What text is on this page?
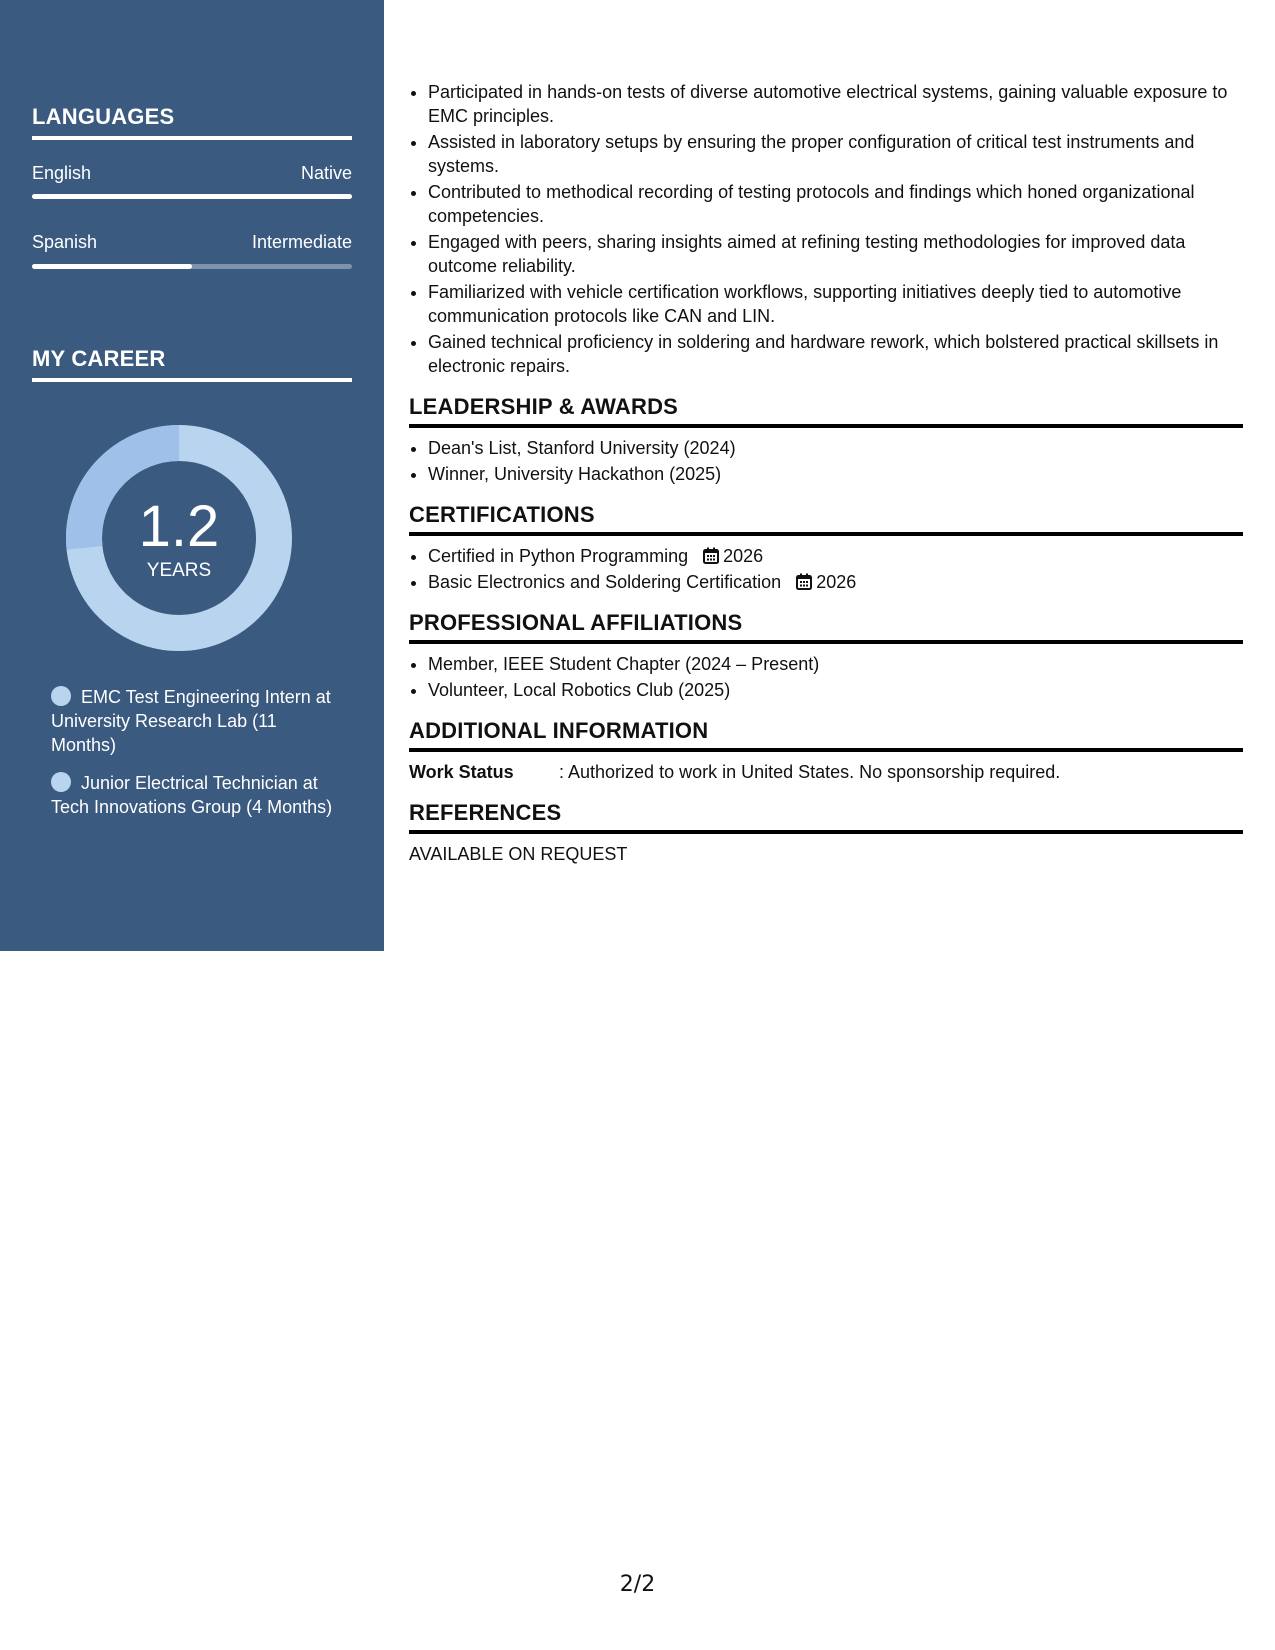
LANGUAGES
English	Native
Spanish	Intermediate
MY CAREER
1.2
YEARS
EMC Test Engineering Intern at University Research Lab (11 Months)
Junior Electrical Technician at Tech Innovations Group (4 Months)
• Participated in hands-on tests of diverse automotive electrical systems, gaining valuable exposure to EMC principles.
• Assisted in laboratory setups by ensuring the proper configuration of critical test instruments and systems.
• Contributed to methodical recording of testing protocols and findings which honed organizational competencies.
• Engaged with peers, sharing insights aimed at refining testing methodologies for improved data outcome reliability.
• Familiarized with vehicle certification workflows, supporting initiatives deeply tied to automotive communication protocols like CAN and LIN.
• Gained technical proficiency in soldering and hardware rework, which bolstered practical skillsets in electronic repairs.
LEADERSHIP & AWARDS
• Dean's List, Stanford University (2024)
• Winner, University Hackathon (2025)
CERTIFICATIONS
• Certified in Python Programming 2026
• Basic Electronics and Soldering Certification 2026
PROFESSIONAL AFFILIATIONS
• Member, IEEE Student Chapter (2024 – Present)
• Volunteer, Local Robotics Club (2025)
ADDITIONAL INFORMATION
Work Status	: Authorized to work in United States. No sponsorship required.
REFERENCES
AVAILABLE ON REQUEST
2/2
